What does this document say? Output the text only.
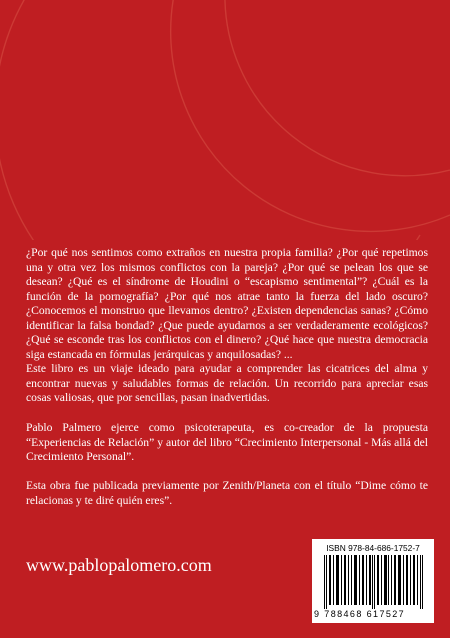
¿Por qué nos sentimos como extraños en nuestra propia familia? ¿Por qué repetimos una y otra vez los mismos conflictos con la pareja? ¿Por qué se pelean los que se desean? ¿Qué es el síndrome de Houdini o “escapismo sentimental”? ¿Cuál es la función de la pornografía? ¿Por qué nos atrae tanto la fuerza del lado oscuro? ¿Conocemos el monstruo que llevamos dentro? ¿Existen dependencias sanas? ¿Cómo identificar la falsa bondad? ¿Que puede ayudarnos a ser verdaderamente ecológicos? ¿Qué se esconde tras los conflictos con el dinero? ¿Qué hace que nuestra democracia siga estancada en fórmulas jerárquicas y anquilosadas? ...
Este libro es un viaje ideado para ayudar a comprender las cicatrices del alma y encontrar nuevas y saludables formas de relación. Un recorrido para apreciar esas cosas valiosas, que por sencillas, pasan inadvertidas.
Pablo Palmero ejerce como psicoterapeuta, es co-creador de la propuesta “Experiencias de Relación” y autor del libro “Crecimiento Interpersonal - Más allá del Crecimiento Personal”.
Esta obra fue publicada previamente por Zenith/Planeta con el título “Dime cómo te relacionas y te diré quién eres”.
www.pablopalomero.com
ISBN 978-84-686-1752-7
9 788468 617527
